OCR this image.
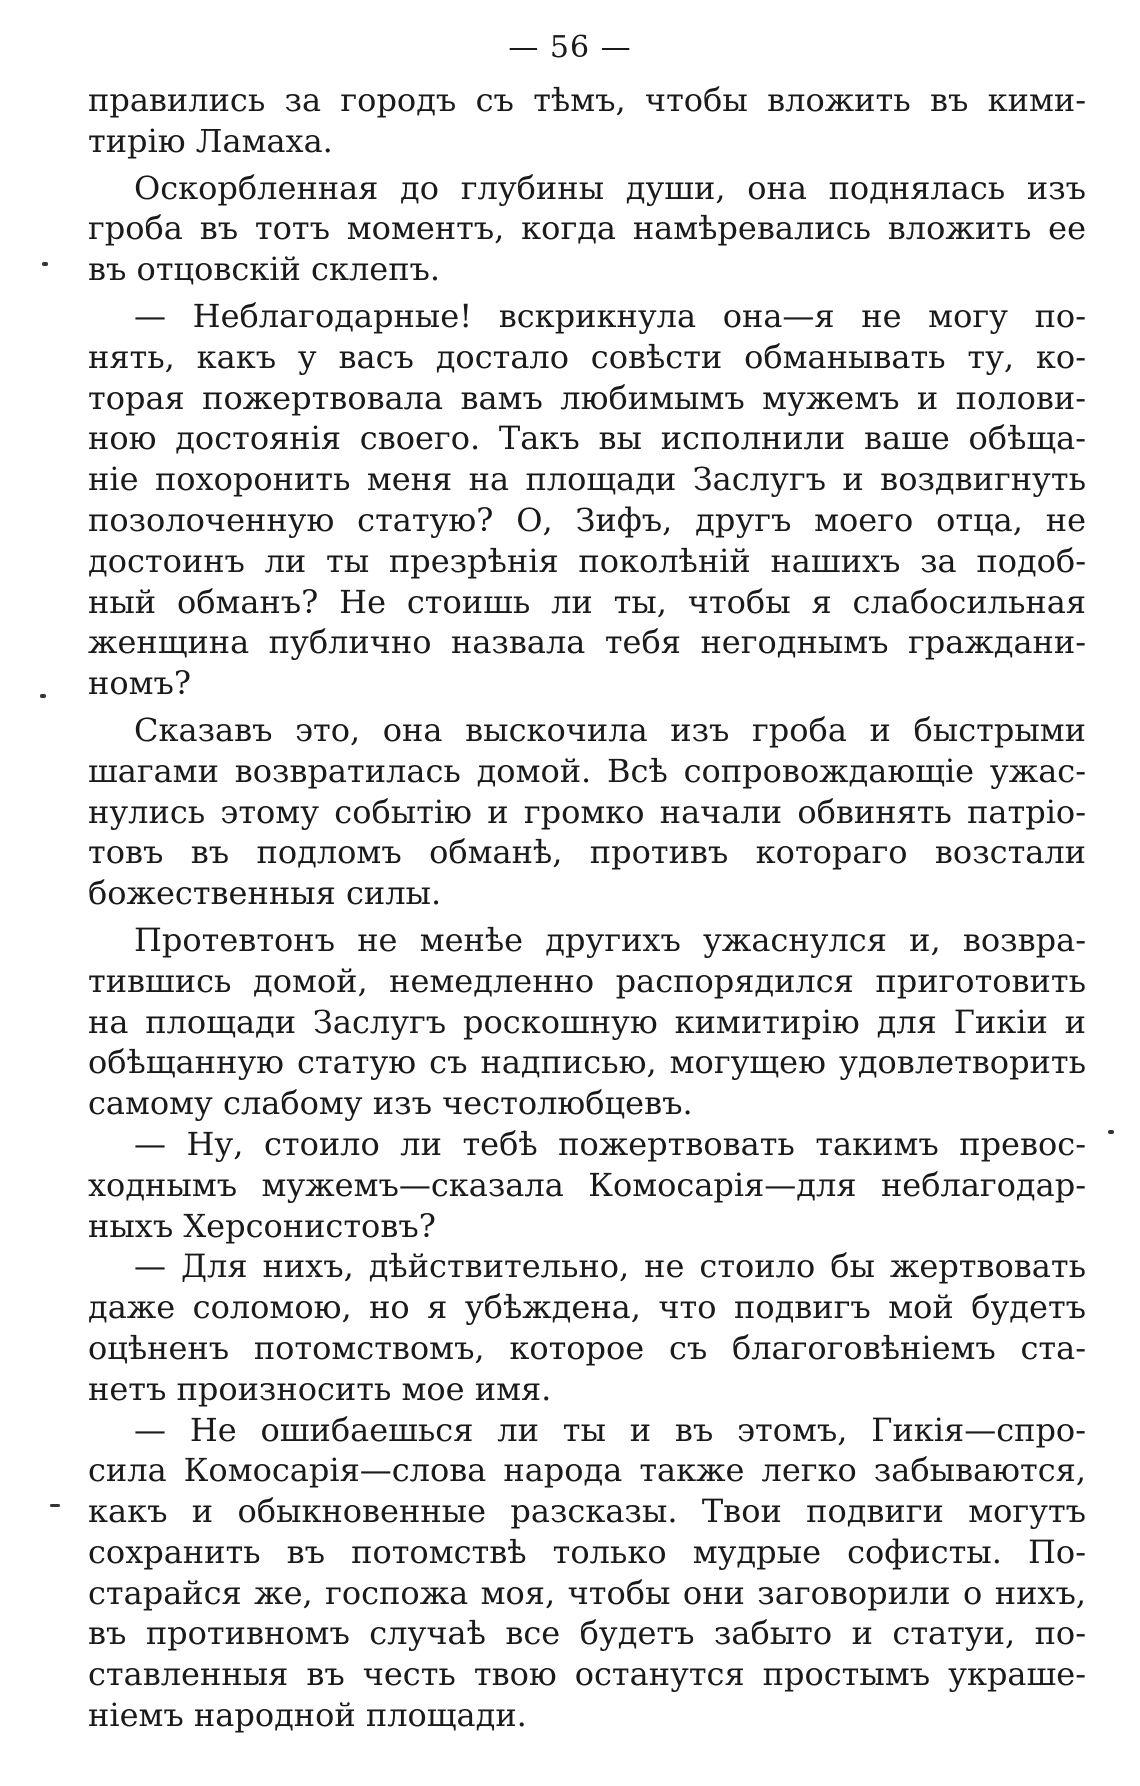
— 56 —
правились за городъ съ тѣмъ, чтобы вложить въ кими-
тирію Ламаха.
Оскорбленная до глубины души, она поднялась изъ
гроба въ тотъ моментъ, когда намѣревались вложить ее
въ отцовскій склепъ.
— Неблагодарные! вскрикнула она—я не могу по-
нять, какъ у васъ достало совѣсти обманывать ту, ко-
торая пожертвовала вамъ любимымъ мужемъ и полови-
ною достоянія своего. Такъ вы исполнили ваше обѣща-
ніе похоронить меня на площади Заслугъ и воздвигнуть
позолоченную статую? О, Зифъ, другъ моего отца, не
достоинъ ли ты презрѣнія поколѣній нашихъ за подоб-
ный обманъ? Не стоишь ли ты, чтобы я слабосильная
женщина публично назвала тебя негоднымъ граждани-
номъ?
Сказавъ это, она выскочила изъ гроба и быстрыми
шагами возвратилась домой. Всѣ сопровождающіе ужас-
нулись этому событію и громко начали обвинять патріо-
товъ въ подломъ обманѣ, противъ котораго возстали
божественныя силы.
Протевтонъ не менѣе другихъ ужаснулся и, возвра-
тившись домой, немедленно распорядился приготовить
на площади Заслугъ роскошную кимитирію для Гикіи и
обѣщанную статую съ надписью, могущею удовлетворить
самому слабому изъ честолюбцевъ.
— Ну, стоило ли тебѣ пожертвовать такимъ превос-
ходнымъ мужемъ—сказала Комосарія—для неблагодар-
ныхъ Херсонистовъ?
— Для нихъ, дѣйствительно, не стоило бы жертвовать
даже соломою, но я убѣждена, что подвигъ мой будетъ
оцѣненъ потомствомъ, которое съ благоговѣніемъ ста-
нетъ произносить мое имя.
— Не ошибаешься ли ты и въ этомъ, Гикія—спро-
сила Комосарія—слова народа также легко забываются,
какъ и обыкновенные разсказы. Твои подвиги могутъ
сохранить въ потомствѣ только мудрые софисты. По-
старайся же, госпожа моя, чтобы они заговорили о нихъ,
въ противномъ случаѣ все будетъ забыто и статуи, по-
ставленныя въ честь твою останутся простымъ украше-
ніемъ народной площади.
